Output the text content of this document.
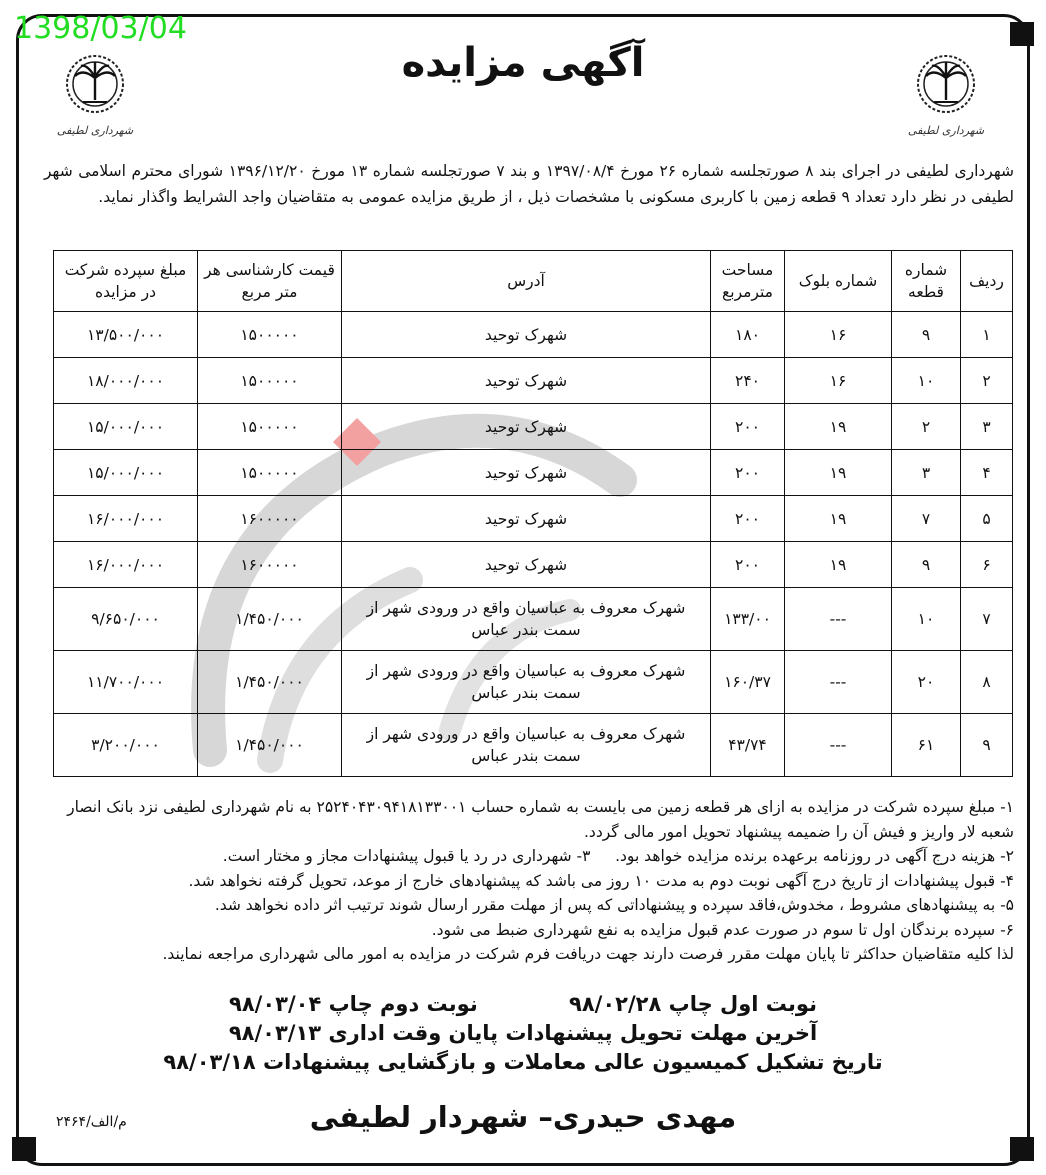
1398/03/04
شهرداری لطیفی	شهرداری لطیفی
آگهی مزایده
شهرداری لطیفی در اجرای بند ۸ صورتجلسه شماره ۲۶ مورخ ۱۳۹۷/۰۸/۴ و بند ۷ صورتجلسه شماره ۱۳ مورخ ۱۳۹۶/۱۲/۲۰ شورای محترم اسلامی شهر لطیفی در نظر دارد تعداد ۹ قطعه زمین با کاربری مسکونی با مشخصات ذیل ، از طریق مزایده عمومی به متقاضیان واجد الشرایط واگذار نماید.
ردیف	شماره قطعه	شماره بلوک	مساحت مترمربع	آدرس	قیمت کارشناسی هر متر مربع	مبلغ سپرده شرکت در مزایده
۱	۹	۱۶	۱۸۰	شهرک توحید	۱۵۰۰۰۰۰	۱۳/۵۰۰/۰۰۰
۲	۱۰	۱۶	۲۴۰	شهرک توحید	۱۵۰۰۰۰۰	۱۸/۰۰۰/۰۰۰
۳	۲	۱۹	۲۰۰	شهرک توحید	۱۵۰۰۰۰۰	۱۵/۰۰۰/۰۰۰
۴	۳	۱۹	۲۰۰	شهرک توحید	۱۵۰۰۰۰۰	۱۵/۰۰۰/۰۰۰
۵	۷	۱۹	۲۰۰	شهرک توحید	۱۶۰۰۰۰۰	۱۶/۰۰۰/۰۰۰
۶	۹	۱۹	۲۰۰	شهرک توحید	۱۶۰۰۰۰۰	۱۶/۰۰۰/۰۰۰
۷	۱۰	---	۱۳۳/۰۰	شهرک معروف به عباسیان واقع در ورودی شهر از سمت بندر عباس	۱/۴۵۰/۰۰۰	۹/۶۵۰/۰۰۰
۸	۲۰	---	۱۶۰/۳۷	شهرک معروف به عباسیان واقع در ورودی شهر از سمت بندر عباس	۱/۴۵۰/۰۰۰	۱۱/۷۰۰/۰۰۰
۹	۶۱	---	۴۳/۷۴	شهرک معروف به عباسیان واقع در ورودی شهر از سمت بندر عباس	۱/۴۵۰/۰۰۰	۳/۲۰۰/۰۰۰

۱- مبلغ سپرده شرکت در مزایده به ازای هر قطعه زمین می بایست به شماره حساب ۲۵۲۴۰۴۳۰۹۴۱۸۱۳۳۰۰۱ به نام شهرداری لطیفی نزد بانک انصار شعبه لار واریز و فیش آن را ضمیمه پیشنهاد تحویل امور مالی گردد.

۲- هزینه درج آگهی در روزنامه برعهده برنده مزایده خواهد بود.     ۳- شهرداری در رد یا قبول پیشنهادات مجاز و مختار است.

۴- قبول پیشنهادات از تاریخ درج آگهی نوبت دوم به مدت ۱۰ روز می باشد که پیشنهادهای خارج از موعد، تحویل گرفته نخواهد شد.

۵- به پیشنهادهای مشروط ، مخدوش،فاقد سپرده و پیشنهاداتی که پس از مهلت مقرر ارسال شوند ترتیب اثر داده نخواهد شد.

۶- سپرده برندگان اول تا سوم در صورت عدم قبول مزایده به نفع شهرداری ضبط می شود.

لذا کلیه متقاضیان حداکثر تا پایان مهلت مقرر فرصت دارند جهت دریافت فرم شرکت در مزایده به امور مالی شهرداری مراجعه نمایند.

نوبت اول چاپ ۹۸/۰۲/۲۸ نوبت دوم چاپ ۹۸/۰۳/۰۴
آخرین مهلت تحویل پیشنهادات پایان وقت اداری ۹۸/۰۳/۱۳
تاریخ تشکیل کمیسیون عالی معاملات و بازگشایی پیشنهادات ۹۸/۰۳/۱۸
مهدی حیدری– شهردار لطیفی
م/الف/۲۴۶۴
